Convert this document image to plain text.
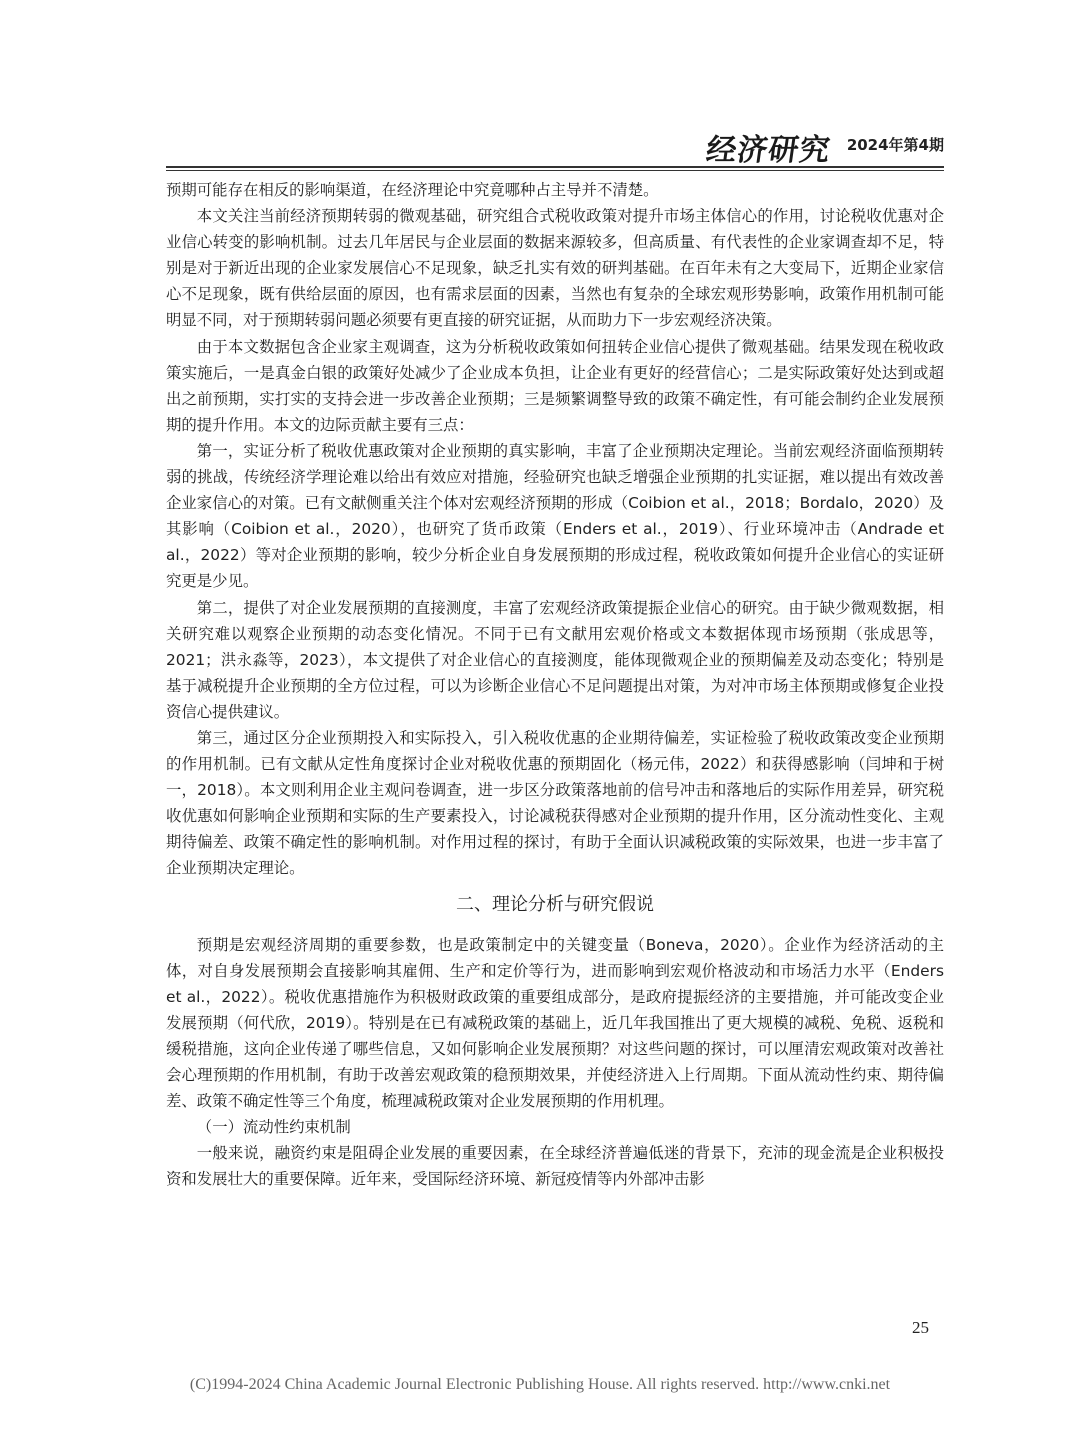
经济研究 2024年第4期

预期可能存在相反的影响渠道，在经济理论中究竟哪种占主导并不清楚。

本文关注当前经济预期转弱的微观基础，研究组合式税收政策对提升市场主体信心的作用，讨论税收优惠对企业信心转变的影响机制。过去几年居民与企业层面的数据来源较多，但高质量、有代表性的企业家调查却不足，特别是对于新近出现的企业家发展信心不足现象，缺乏扎实有效的研判基础。在百年未有之大变局下，近期企业家信心不足现象，既有供给层面的原因，也有需求层面的因素，当然也有复杂的全球宏观形势影响，政策作用机制可能明显不同，对于预期转弱问题必须要有更直接的研究证据，从而助力下一步宏观经济决策。

由于本文数据包含企业家主观调查，这为分析税收政策如何扭转企业信心提供了微观基础。结果发现在税收政策实施后，一是真金白银的政策好处减少了企业成本负担，让企业有更好的经营信心；二是实际政策好处达到或超出之前预期，实打实的支持会进一步改善企业预期；三是频繁调整导致的政策不确定性，有可能会制约企业发展预期的提升作用。本文的边际贡献主要有三点：

第一，实证分析了税收优惠政策对企业预期的真实影响，丰富了企业预期决定理论。当前宏观经济面临预期转弱的挑战，传统经济学理论难以给出有效应对措施，经验研究也缺乏增强企业预期的扎实证据，难以提出有效改善企业家信心的对策。已有文献侧重关注个体对宏观经济预期的形成（Coibion et al.，2018；Bordalo，2020）及其影响（Coibion et al.，2020），也研究了货币政策（Enders et al.，2019）、行业环境冲击（Andrade et al.，2022）等对企业预期的影响，较少分析企业自身发展预期的形成过程，税收政策如何提升企业信心的实证研究更是少见。

第二，提供了对企业发展预期的直接测度，丰富了宏观经济政策提振企业信心的研究。由于缺少微观数据，相关研究难以观察企业预期的动态变化情况。不同于已有文献用宏观价格或文本数据体现市场预期（张成思等，2021；洪永淼等，2023），本文提供了对企业信心的直接测度，能体现微观企业的预期偏差及动态变化；特别是基于减税提升企业预期的全方位过程，可以为诊断企业信心不足问题提出对策，为对冲市场主体预期或修复企业投资信心提供建议。

第三，通过区分企业预期投入和实际投入，引入税收优惠的企业期待偏差，实证检验了税收政策改变企业预期的作用机制。已有文献从定性角度探讨企业对税收优惠的预期固化（杨元伟，2022）和获得感影响（闫坤和于树一，2018）。本文则利用企业主观问卷调查，进一步区分政策落地前的信号冲击和落地后的实际作用差异，研究税收优惠如何影响企业预期和实际的生产要素投入，讨论减税获得感对企业预期的提升作用，区分流动性变化、主观期待偏差、政策不确定性的影响机制。对作用过程的探讨，有助于全面认识减税政策的实际效果，也进一步丰富了企业预期决定理论。

二、理论分析与研究假说

预期是宏观经济周期的重要参数，也是政策制定中的关键变量（Boneva，2020）。企业作为经济活动的主体，对自身发展预期会直接影响其雇佣、生产和定价等行为，进而影响到宏观价格波动和市场活力水平（Enders et al.，2022）。税收优惠措施作为积极财政政策的重要组成部分，是政府提振经济的主要措施，并可能改变企业发展预期（何代欣，2019）。特别是在已有减税政策的基础上，近几年我国推出了更大规模的减税、免税、返税和缓税措施，这向企业传递了哪些信息，又如何影响企业发展预期？对这些问题的探讨，可以厘清宏观政策对改善社会心理预期的作用机制，有助于改善宏观政策的稳预期效果，并使经济进入上行周期。下面从流动性约束、期待偏差、政策不确定性等三个角度，梳理减税政策对企业发展预期的作用机理。

（一）流动性约束机制

一般来说，融资约束是阻碍企业发展的重要因素，在全球经济普遍低迷的背景下，充沛的现金流是企业积极投资和发展壮大的重要保障。近年来，受国际经济环境、新冠疫情等内外部冲击影

25
(C)1994-2024 China Academic Journal Electronic Publishing House. All rights reserved. http://www.cnki.net
